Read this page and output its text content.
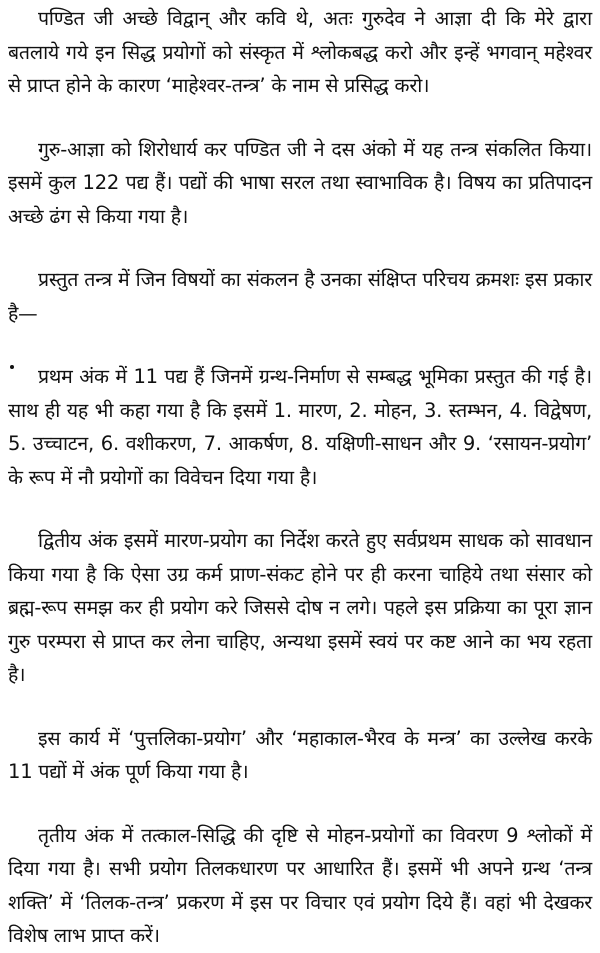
पण्डित जी अच्छे विद्वान् और कवि थे, अतः गुरुदेव ने आज्ञा दी कि मेरे द्वारा बतलाये गये इन सिद्ध प्रयोगों को संस्कृत में श्लोकबद्ध करो और इन्हें भगवान् महेश्वर से प्राप्त होने के कारण ‘माहेश्वर-तन्त्र’ के नाम से प्रसिद्ध करो।

गुरु-आज्ञा को शिरोधार्य कर पण्डित जी ने दस अंको में यह तन्त्र संकलित किया। इसमें कुल 122 पद्य हैं। पद्यों की भाषा सरल तथा स्वाभाविक है। विषय का प्रतिपादन अच्छे ढंग से किया गया है।

प्रस्तुत तन्त्र में जिन विषयों का संकलन है उनका संक्षिप्त परिचय क्रमशः इस प्रकार है—

प्रथम अंक में 11 पद्य हैं जिनमें ग्रन्थ-निर्माण से सम्बद्ध भूमिका प्रस्तुत की गई है। साथ ही यह भी कहा गया है कि इसमें 1. मारण, 2. मोहन, 3. स्तम्भन, 4. विद्वेषण, 5. उच्चाटन, 6. वशीकरण, 7. आकर्षण, 8. यक्षिणी-साधन और 9. ‘रसायन-प्रयोग’ के रूप में नौ प्रयोगों का विवेचन दिया गया है।

द्वितीय अंक इसमें मारण-प्रयोग का निर्देश करते हुए सर्वप्रथम साधक को सावधान किया गया है कि ऐसा उग्र कर्म प्राण-संकट होने पर ही करना चाहिये तथा संसार को ब्रह्म-रूप समझ कर ही प्रयोग करे जिससे दोष न लगे। पहले इस प्रक्रिया का पूरा ज्ञान गुरु परम्परा से प्राप्त कर लेना चाहिए, अन्यथा इसमें स्वयं पर कष्ट आने का भय रहता है।

इस कार्य में ‘पुत्तलिका-प्रयोग’ और ‘महाकाल-भैरव के मन्त्र’ का उल्लेख करके 11 पद्यों में अंक पूर्ण किया गया है।

तृतीय अंक में तत्काल-सिद्धि की दृष्टि से मोहन-प्रयोगों का विवरण 9 श्लोकों में दिया गया है। सभी प्रयोग तिलकधारण पर आधारित हैं। इसमें भी अपने ग्रन्थ ‘तन्त्र शक्ति’ में ‘तिलक-तन्त्र’ प्रकरण में इस पर विचार एवं प्रयोग दिये हैं। वहां भी देखकर विशेष लाभ प्राप्त करें।
